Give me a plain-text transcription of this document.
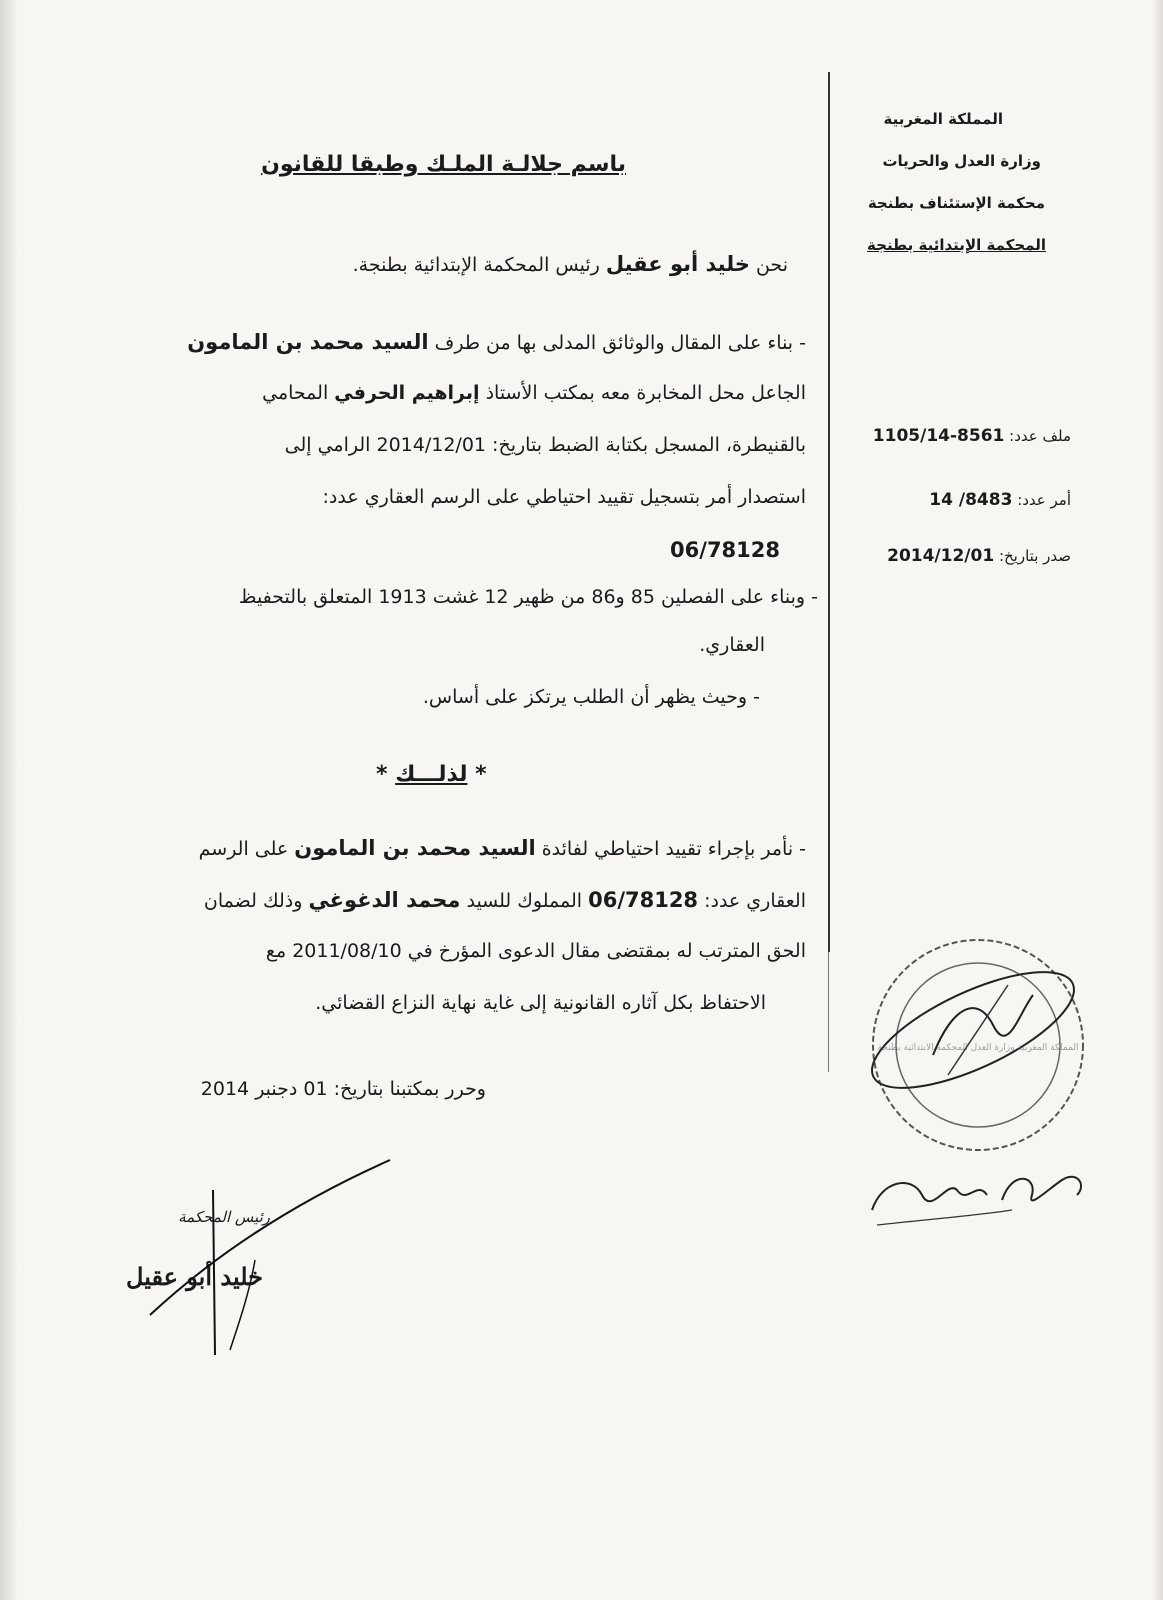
المملكة المغربية
وزارة العدل والحريات
محكمة الإستئناف بطنجة
المحكمة الإبتدائية بطنجة
ملف عدد: 1105/14-8561
أمر عدد: 14 /8483
صدر بتاريخ: 2014/12/01
باسم جلالـة الملـك وطبقا للقانون
نحن خليد أبو عقيل رئيس المحكمة الإبتدائية بطنجة.
- بناء على المقال والوثائق المدلى بها من طرف السيد محمد بن المامون
الجاعل محل المخابرة معه بمكتب الأستاذ إبراهيم الحرفي المحامي
بالقنيطرة، المسجل بكتابة الضبط بتاريخ: 2014/12/01 الرامي إلى
استصدار أمر بتسجيل تقييد احتياطي على الرسم العقاري عدد:
06/78128
- وبناء على الفصلين 85 و86 من ظهير 12 غشت 1913 المتعلق بالتحفيظ
العقاري.
- وحيث يظهر أن الطلب يرتكز على أساس.
* لذلـــك *
- نأمر بإجراء تقييد احتياطي لفائدة السيد محمد بن المامون على الرسم
العقاري عدد: 06/78128 المملوك للسيد محمد الدغوغي وذلك لضمان
الحق المترتب له بمقتضى مقال الدعوى المؤرخ في 2011/08/10 مع
الاحتفاظ بكل آثاره القانونية إلى غاية نهاية النزاع القضائي.
وحرر بمكتبنا بتاريخ: 01 دجنبر 2014
رئيس المحكمة
خليد أبو عقيل
المملكة المغربية وزارة العدل المحكمة الابتدائية بطنجة
